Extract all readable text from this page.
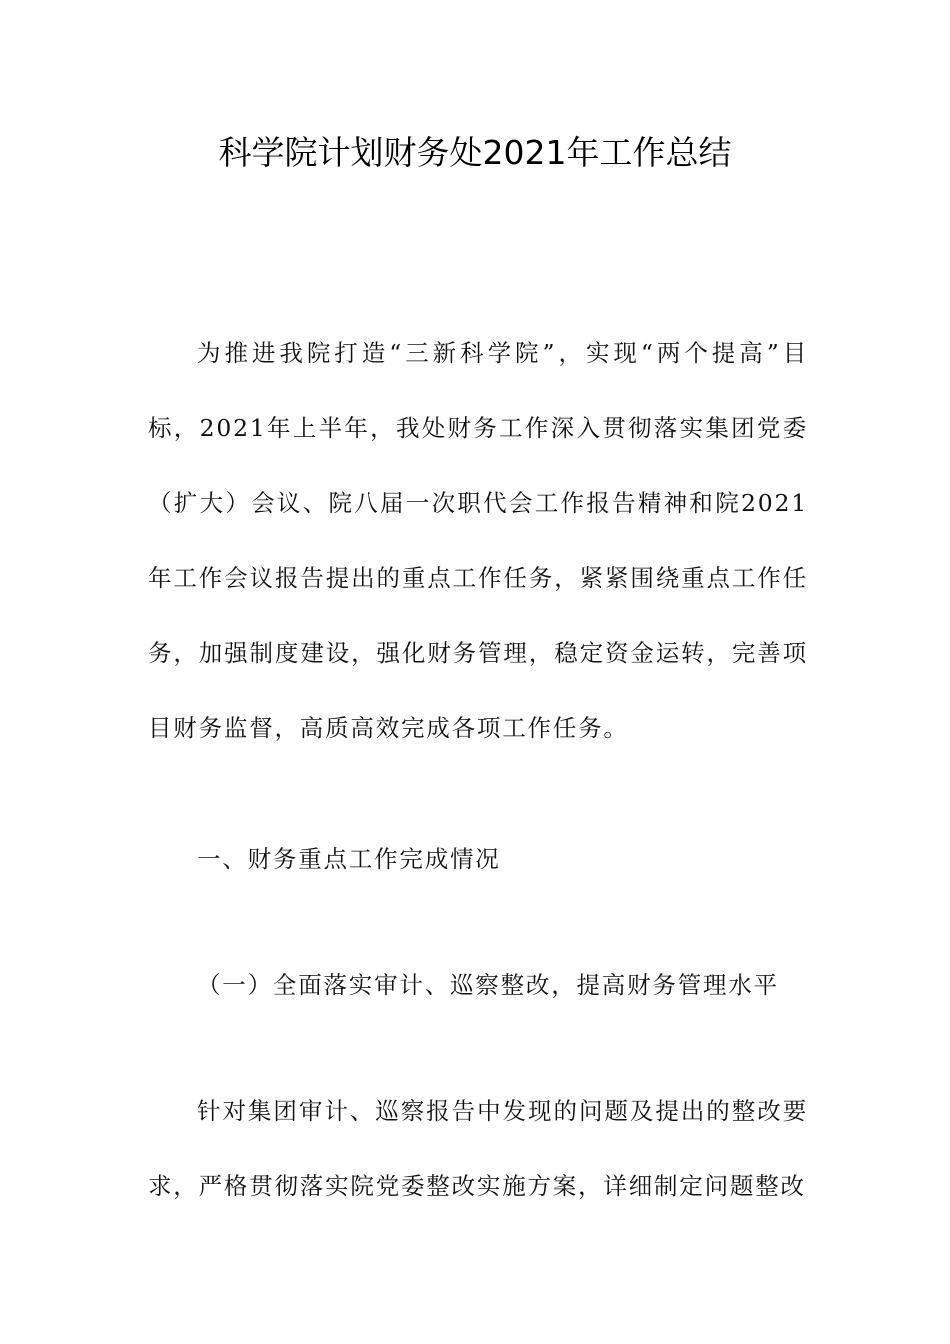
科学院计划财务处2021年工作总结
为推进我院打造“三新科学院”，实现“两个提高”目标，2021年上半年，我处财务工作深入贯彻落实集团党委（扩大）会议、院八届一次职代会工作报告精神和院2021年工作会议报告提出的重点工作任务，紧紧围绕重点工作任务，加强制度建设，强化财务管理，稳定资金运转，完善项目财务监督，高质高效完成各项工作任务。
一、财务重点工作完成情况
（一）全面落实审计、巡察整改，提高财务管理水平
针对集团审计、巡察报告中发现的问题及提出的整改要求，严格贯彻落实院党委整改实施方案，详细制定问题整改
